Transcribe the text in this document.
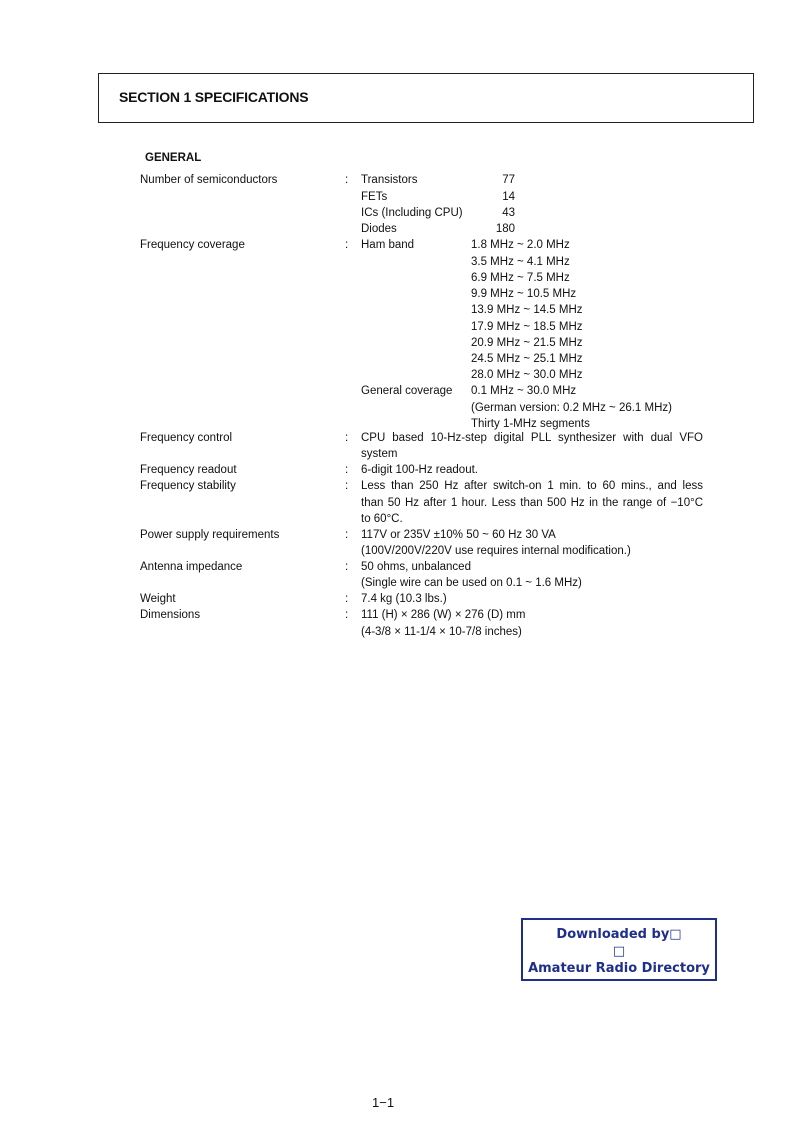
SECTION 1 SPECIFICATIONS
GENERAL
Number of semiconductors	: Transistors	77
FETs	14
ICs (Including CPU)	43
Diodes	180
Frequency coverage	: Ham band	1.8 MHz ~ 2.0 MHz
3.5 MHz ~ 4.1 MHz
6.9 MHz ~ 7.5 MHz
9.9 MHz ~ 10.5 MHz
13.9 MHz ~ 14.5 MHz
17.9 MHz ~ 18.5 MHz
20.9 MHz ~ 21.5 MHz
24.5 MHz ~ 25.1 MHz
28.0 MHz ~ 30.0 MHz
General coverage 0.1 MHz ~ 30.0 MHz
(German version: 0.2 MHz ~ 26.1 MHz)
Thirty 1-MHz segments
Frequency control	: CPU based 10-Hz-step digital PLL synthesizer with dual VFO
system
Frequency readout	: 6-digit 100-Hz readout.
Frequency stability	: Less than 250 Hz after switch-on 1 min. to 60 mins., and less
than 50 Hz after 1 hour. Less than 500 Hz in the range of −10°C
to 60°C.
Power supply requirements	: 117V or 235V ±10% 50 ~ 60 Hz 30 VA
(100V/200V/220V use requires internal modification.)
Antenna impedance	: 50 ohms, unbalanced
(Single wire can be used on 0.1 ~ 1.6 MHz)
Weight	: 7.4 kg (10.3 lbs.)
Dimensions	: 111 (H) × 286 (W) × 276 (D) mm
(4-3/8 × 11-1/4 × 10-7/8 inches)
Downloaded by□
□
Amateur Radio Directory
1−1
